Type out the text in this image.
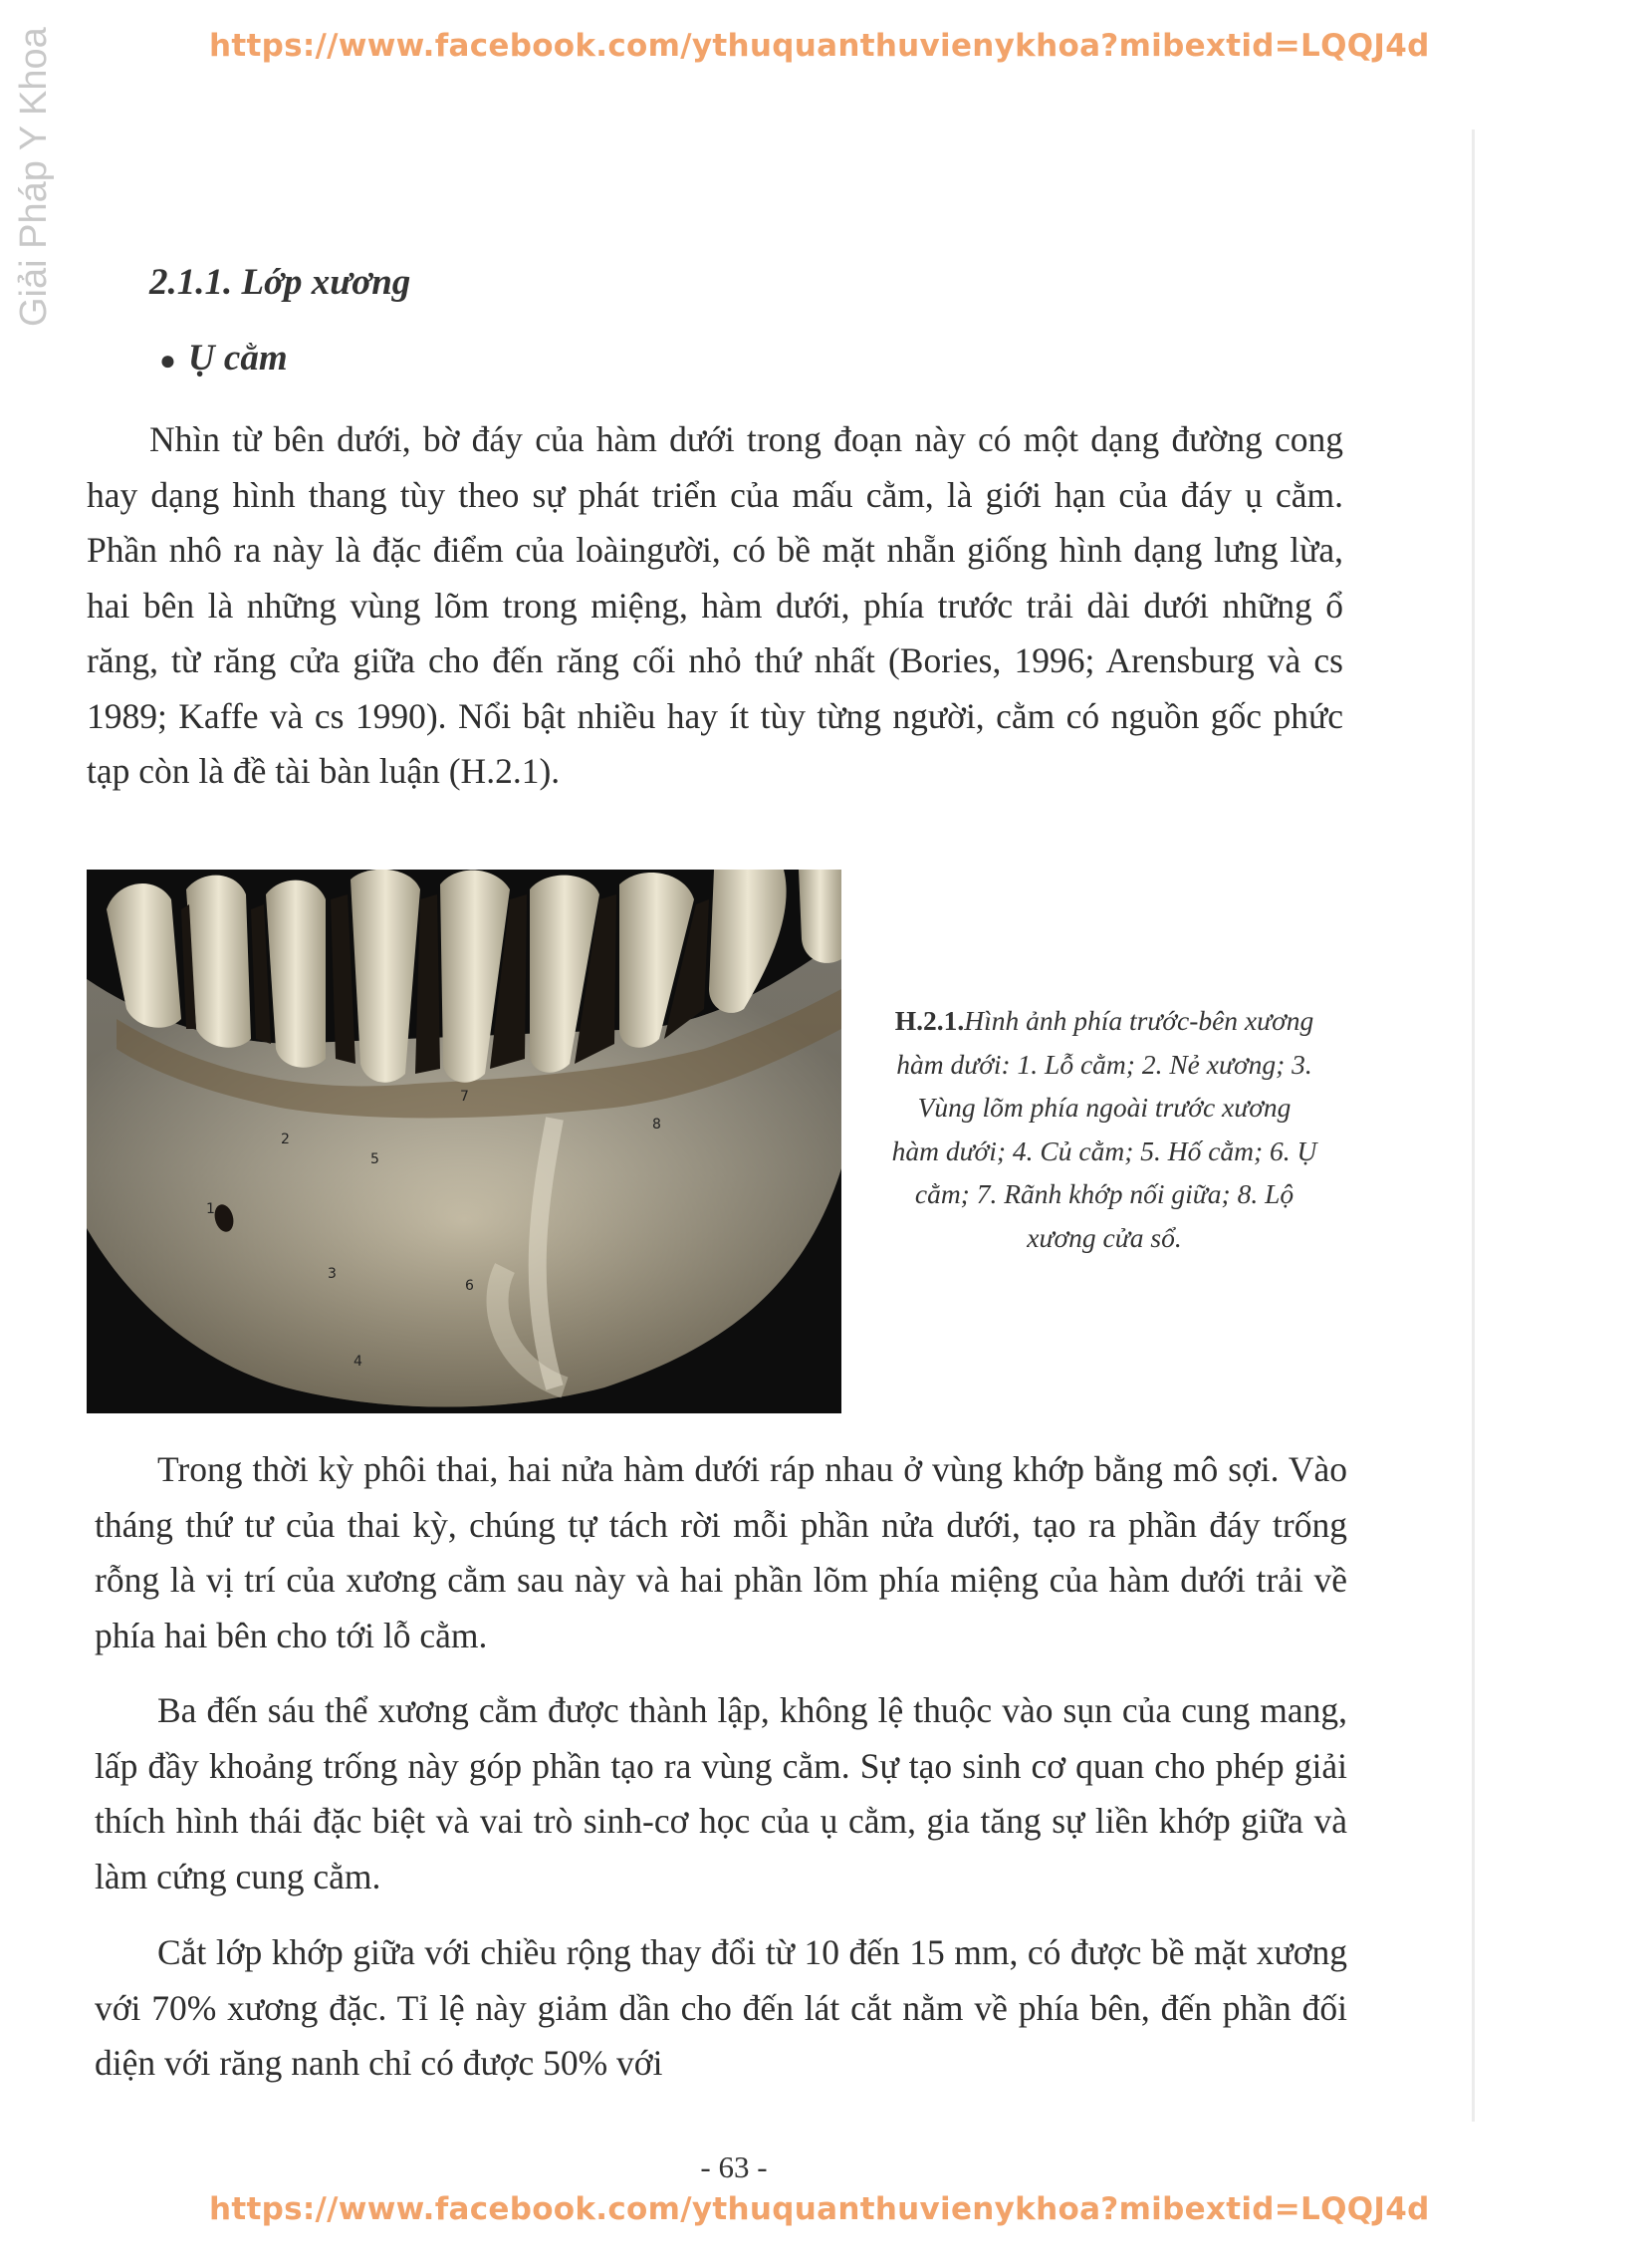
Giải Pháp Y Khoa	https://www.facebook.com/ythuquanthuvienykhoa?mibextid=LQQJ4d
2.1.1. Lớp xương
● Ụ cằm

Nhìn từ bên dưới, bờ đáy của hàm dưới trong đoạn này có một dạng đường cong hay dạng hình thang tùy theo sự phát triển của mấu cằm, là giới hạn của đáy ụ cằm. Phần nhô ra này là đặc điểm của loàingười, có bề mặt nhẵn giống hình dạng lưng lừa, hai bên là những vùng lõm trong miệng, hàm dưới, phía trước trải dài dưới những ổ răng, từ răng cửa giữa cho đến răng cối nhỏ thứ nhất (Bories, 1996; Arensburg và cs 1989; Kaffe và cs 1990). Nổi bật nhiều hay ít tùy từng người, cằm có nguồn gốc phức tạp còn là đề tài bàn luận (H.2.1).

1
2
3
4
5
6
7
8
H.2.1.Hình ảnh phía trước-bên xương hàm dưới: 1. Lỗ cằm; 2. Nẻ xương; 3. Vùng lõm phía ngoài trước xương hàm dưới; 4. Củ cằm; 5. Hố cằm; 6. Ụ cằm; 7. Rãnh khớp nối giữa; 8. Lộ xương cửa sổ.

Trong thời kỳ phôi thai, hai nửa hàm dưới ráp nhau ở vùng khớp bằng mô sợi. Vào tháng thứ tư của thai kỳ, chúng tự tách rời mỗi phần nửa dưới, tạo ra phần đáy trống rỗng là vị trí của xương cằm sau này và hai phần lõm phía miệng của hàm dưới trải về phía hai bên cho tới lỗ cằm.

Ba đến sáu thể xương cằm được thành lập, không lệ thuộc vào sụn của cung mang, lấp đầy khoảng trống này góp phần tạo ra vùng cằm. Sự tạo sinh cơ quan cho phép giải thích hình thái đặc biệt và vai trò sinh-cơ học của ụ cằm, gia tăng sự liền khớp giữa và làm cứng cung cằm.

Cắt lớp khớp giữa với chiều rộng thay đổi từ 10 đến 15 mm, có được bề mặt xương với 70% xương đặc. Tỉ lệ này giảm dần cho đến lát cắt nằm về phía bên, đến phần đối diện với răng nanh chỉ có được 50% với

- 63 -
https://www.facebook.com/ythuquanthuvienykhoa?mibextid=LQQJ4d
